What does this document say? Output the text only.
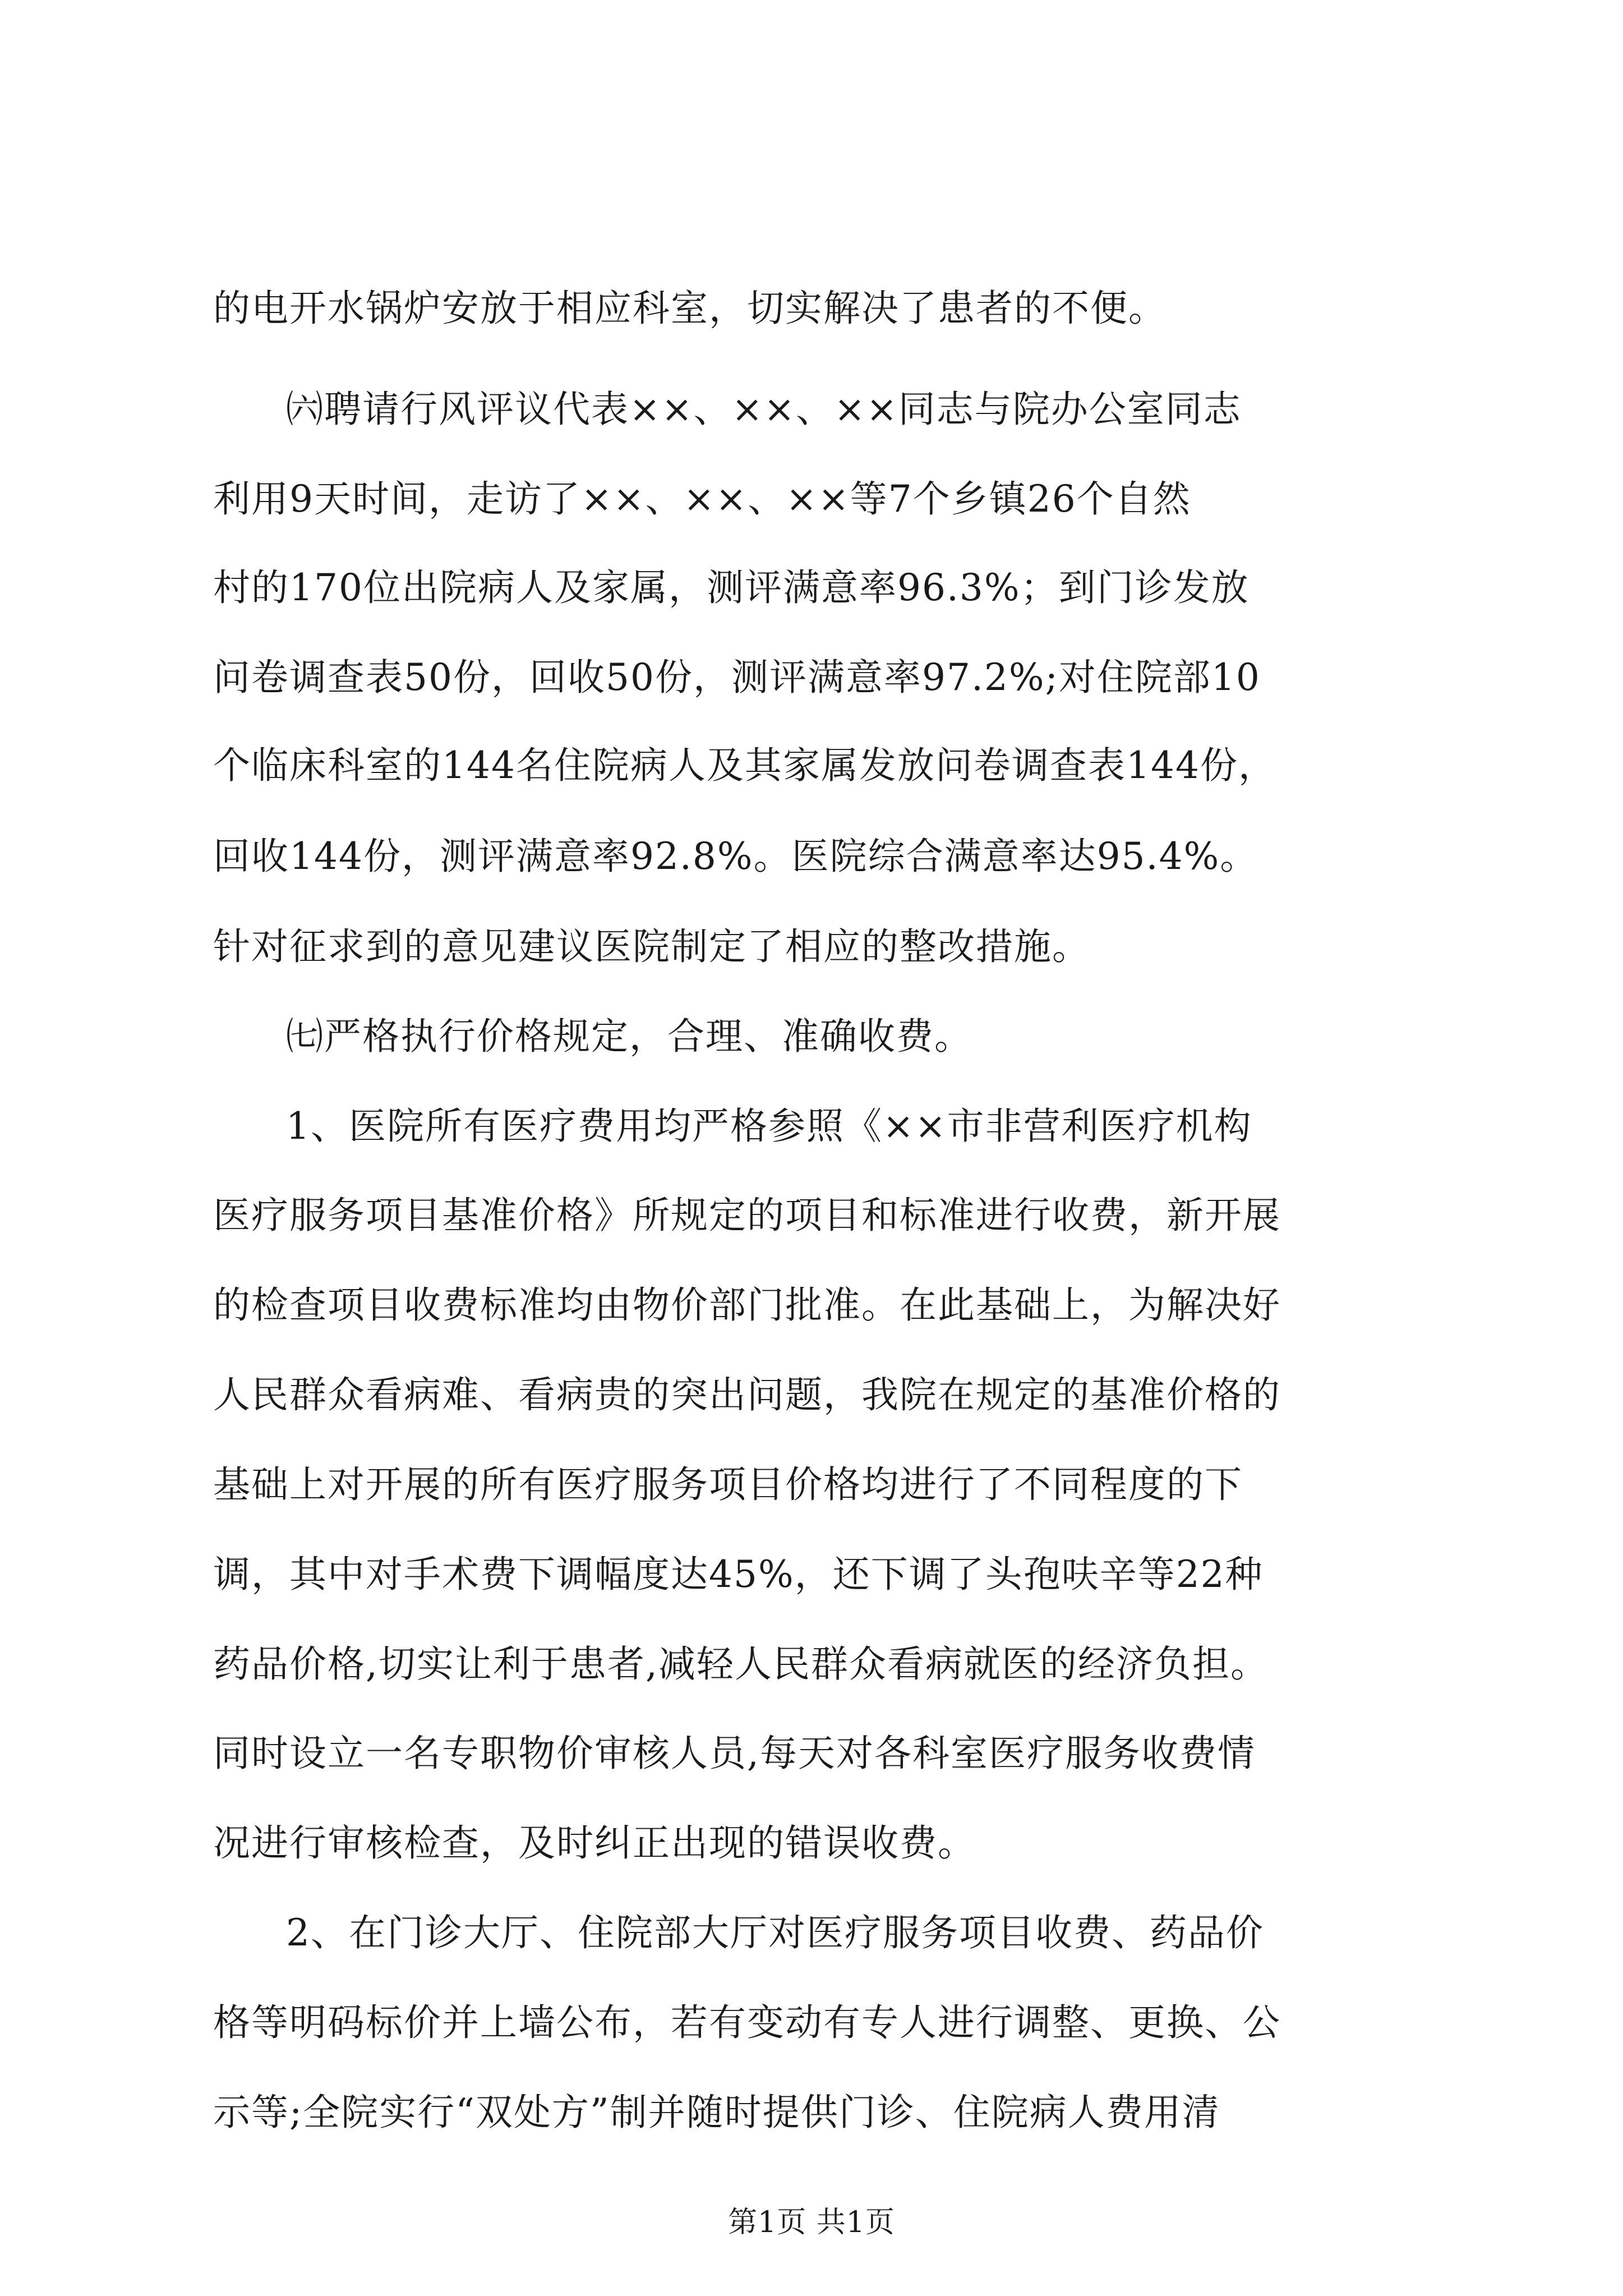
的电开水锅炉安放于相应科室，切实解决了患者的不便。
㈥聘请行风评议代表××、××、××同志与院办公室同志
利用9天时间，走访了××、××、××等7个乡镇26个自然
村的170位出院病人及家属，测评满意率96.3%；到门诊发放
问卷调查表50份，回收50份，测评满意率97.2%;对住院部10
个临床科室的144名住院病人及其家属发放问卷调查表144份，
回收144份，测评满意率92.8%。医院综合满意率达95.4%。
针对征求到的意见建议医院制定了相应的整改措施。
㈦严格执行价格规定，合理、准确收费。
1、医院所有医疗费用均严格参照《××市非营利医疗机构
医疗服务项目基准价格》所规定的项目和标准进行收费，新开展
的检查项目收费标准均由物价部门批准。在此基础上，为解决好
人民群众看病难、看病贵的突出问题，我院在规定的基准价格的
基础上对开展的所有医疗服务项目价格均进行了不同程度的下
调，其中对手术费下调幅度达45%，还下调了头孢呋辛等22种
药品价格,切实让利于患者,减轻人民群众看病就医的经济负担。
同时设立一名专职物价审核人员,每天对各科室医疗服务收费情
况进行审核检查，及时纠正出现的错误收费。
2、在门诊大厅、住院部大厅对医疗服务项目收费、药品价
格等明码标价并上墙公布，若有变动有专人进行调整、更换、公
示等;全院实行“双处方”制并随时提供门诊、住院病人费用清
第1页 共1页
